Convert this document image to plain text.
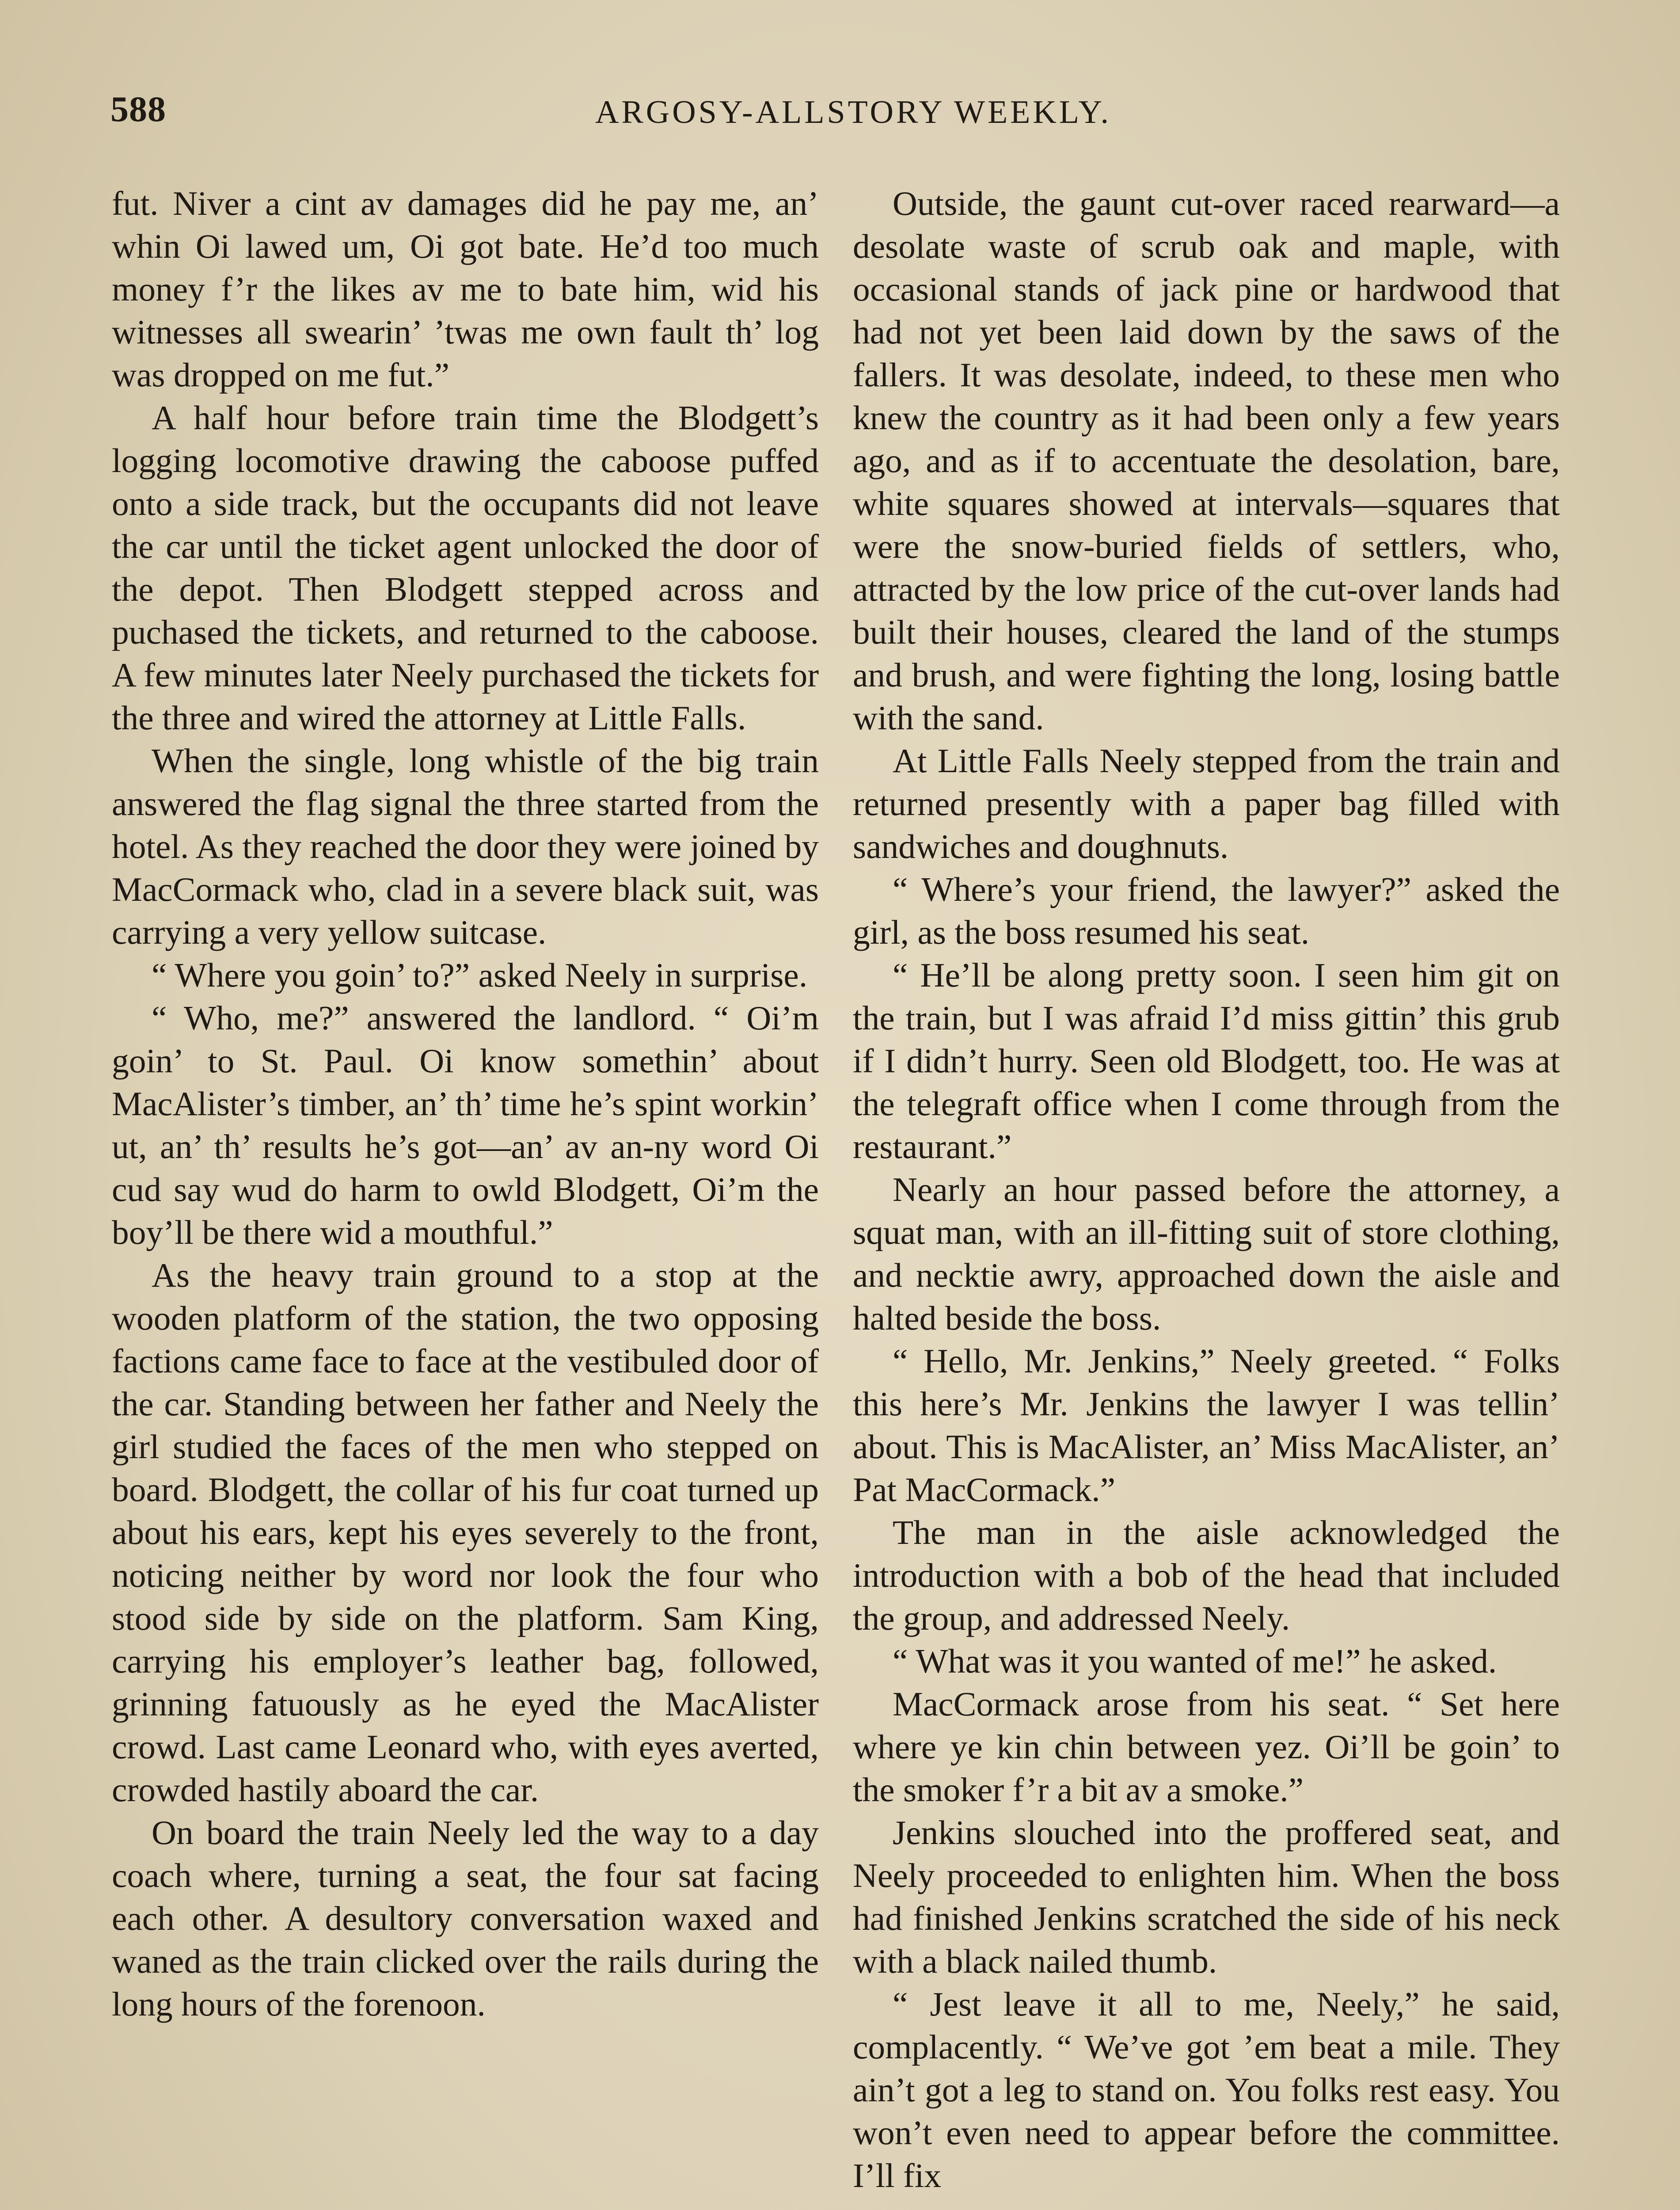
588	ARGOSY-ALLSTORY WEEKLY.

fut. Niver a cint av damages did he pay me, an’ whin Oi lawed um, Oi got bate. He’d too much money f’r the likes av me to bate him, wid his witnesses all swearin’ ’twas me own fault th’ log was dropped on me fut.”

A half hour before train time the Blodgett’s logging locomotive drawing the caboose puffed onto a side track, but the occupants did not leave the car until the ticket agent unlocked the door of the depot. Then Blodgett stepped across and puchased the tickets, and returned to the caboose. A few minutes later Neely purchased the tickets for the three and wired the attorney at Little Falls.

When the single, long whistle of the big train answered the flag signal the three started from the hotel. As they reached the door they were joined by MacCormack who, clad in a severe black suit, was carrying a very yellow suitcase.

“ Where you goin’ to?” asked Neely in surprise.

“ Who, me?” answered the landlord. “ Oi’m goin’ to St. Paul. Oi know somethin’ about MacAlister’s timber, an’ th’ time he’s spint workin’ ut, an’ th’ results he’s got—an’ av an-ny word Oi cud say wud do harm to owld Blodgett, Oi’m the boy’ll be there wid a mouthful.”

As the heavy train ground to a stop at the wooden platform of the station, the two opposing factions came face to face at the vestibuled door of the car. Standing between her father and Neely the girl studied the faces of the men who stepped on board. Blodgett, the collar of his fur coat turned up about his ears, kept his eyes severely to the front, noticing neither by word nor look the four who stood side by side on the platform. Sam King, carrying his employer’s leather bag, followed, grinning fatuously as he eyed the MacAlister crowd. Last came Leonard who, with eyes averted, crowded hastily aboard the car.

On board the train Neely led the way to a day coach where, turning a seat, the four sat facing each other. A desultory conversation waxed and waned as the train clicked over the rails during the long hours of the forenoon.

Outside, the gaunt cut-over raced rearward—a desolate waste of scrub oak and maple, with occasional stands of jack pine or hardwood that had not yet been laid down by the saws of the fallers. It was desolate, indeed, to these men who knew the country as it had been only a few years ago, and as if to accentuate the desolation, bare, white squares showed at intervals—squares that were the snow-buried fields of settlers, who, attracted by the low price of the cut-over lands had built their houses, cleared the land of the stumps and brush, and were fighting the long, losing battle with the sand.

At Little Falls Neely stepped from the train and returned presently with a paper bag filled with sandwiches and doughnuts.

“ Where’s your friend, the lawyer?” asked the girl, as the boss resumed his seat.

“ He’ll be along pretty soon. I seen him git on the train, but I was afraid I’d miss gittin’ this grub if I didn’t hurry. Seen old Blodgett, too. He was at the telegraft office when I come through from the restaurant.”

Nearly an hour passed before the attorney, a squat man, with an ill-fitting suit of store clothing, and necktie awry, approached down the aisle and halted beside the boss.

“ Hello, Mr. Jenkins,” Neely greeted. “ Folks this here’s Mr. Jenkins the lawyer I was tellin’ about. This is MacAlister, an’ Miss MacAlister, an’ Pat MacCormack.”

The man in the aisle acknowledged the introduction with a bob of the head that included the group, and addressed Neely.

“ What was it you wanted of me!” he asked.

MacCormack arose from his seat. “ Set here where ye kin chin between yez. Oi’ll be goin’ to the smoker f’r a bit av a smoke.”

Jenkins slouched into the proffered seat, and Neely proceeded to enlighten him. When the boss had finished Jenkins scratched the side of his neck with a black nailed thumb.

“ Jest leave it all to me, Neely,” he said, complacently. “ We’ve got ’em beat a mile. They ain’t got a leg to stand on. You folks rest easy. You won’t even need to appear before the committee. I’ll fix
